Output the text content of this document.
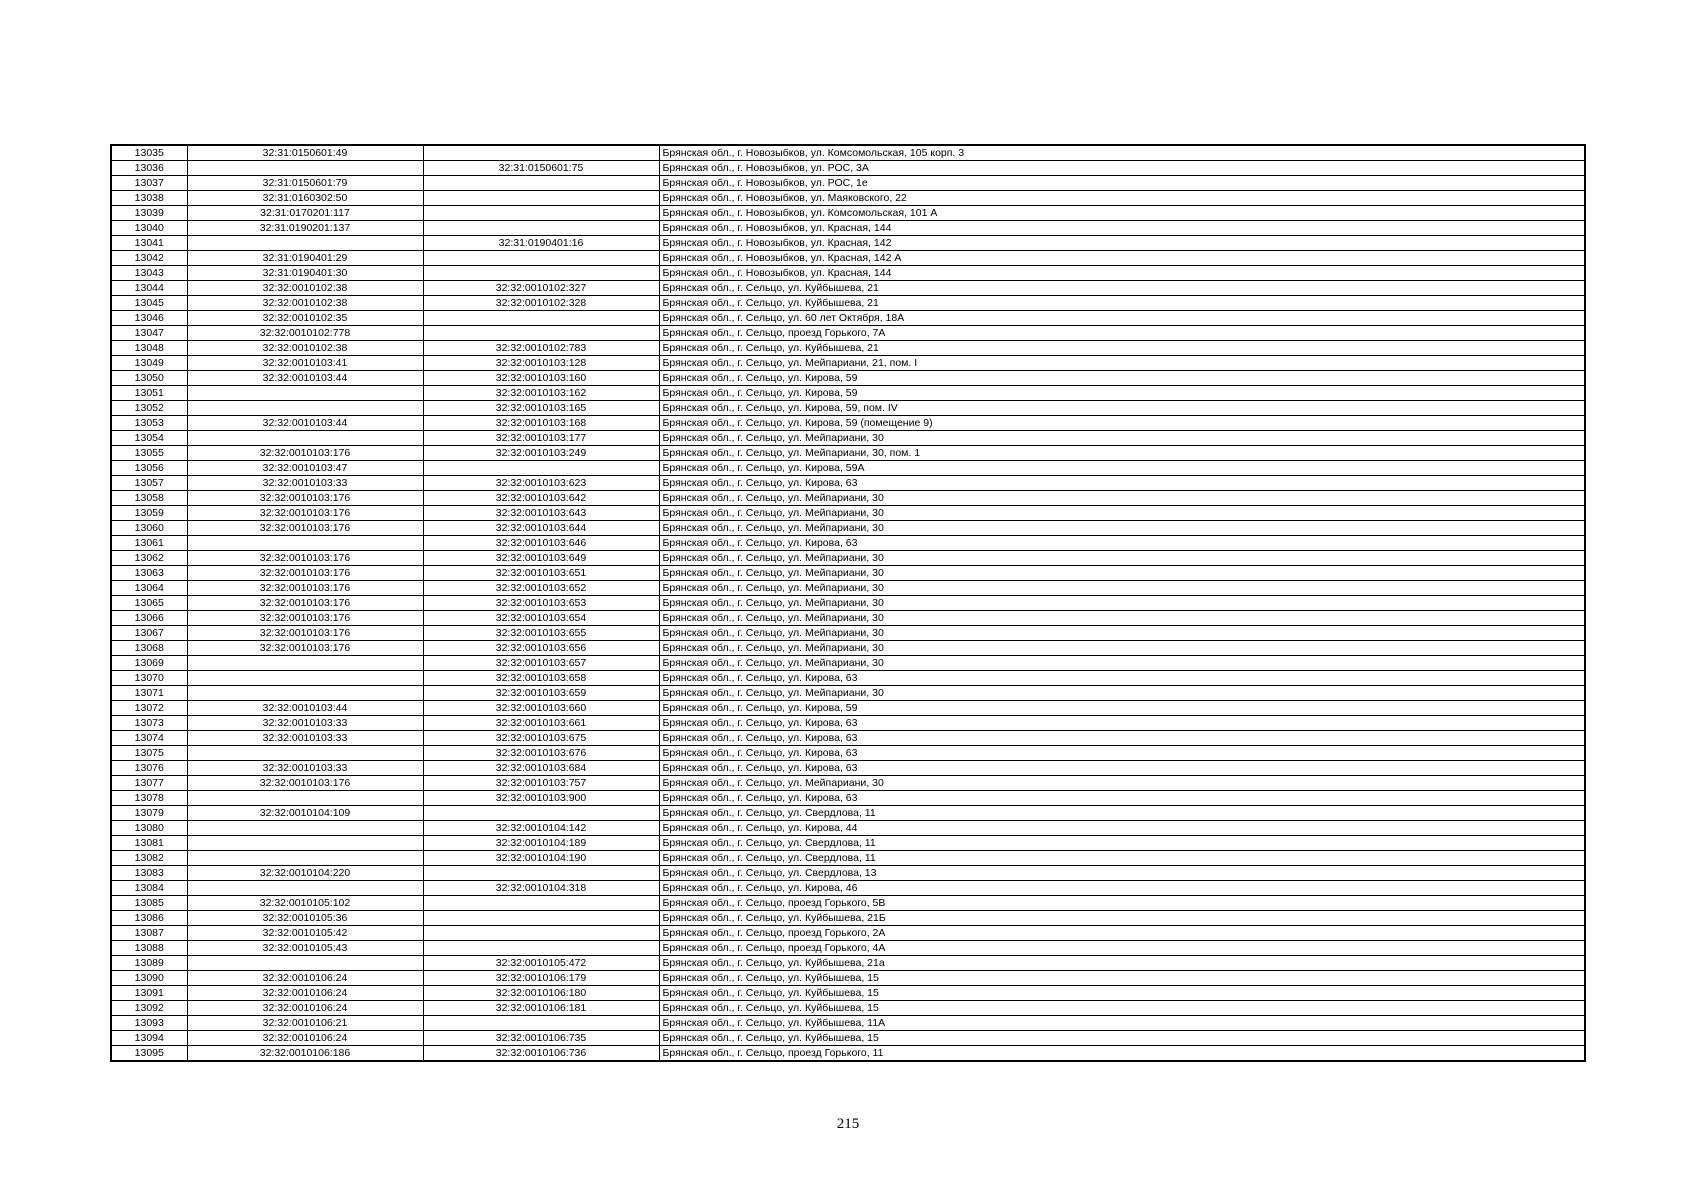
13035	32:31:0150601:49		Брянская обл., г. Новозыбков, ул. Комсомольская, 105 корп. 3
13036		32:31:0150601:75	Брянская обл., г. Новозыбков, ул. РОС, 3А
13037	32:31:0150601:79		Брянская обл., г. Новозыбков, ул. РОС, 1е
13038	32:31:0160302:50		Брянская обл., г. Новозыбков, ул. Маяковского, 22
13039	32:31:0170201:117		Брянская обл., г. Новозыбков, ул. Комсомольская, 101 А
13040	32:31:0190201:137		Брянская обл., г. Новозыбков, ул. Красная, 144
13041		32:31:0190401:16	Брянская обл., г. Новозыбков, ул. Красная, 142
13042	32:31:0190401:29		Брянская обл., г. Новозыбков, ул. Красная, 142 А
13043	32:31:0190401:30		Брянская обл., г. Новозыбков, ул. Красная, 144
13044	32:32:0010102:38	32:32:0010102:327	Брянская обл., г. Сельцо, ул. Куйбышева, 21
13045	32:32:0010102:38	32:32:0010102:328	Брянская обл., г. Сельцо, ул. Куйбышева, 21
13046	32:32:0010102:35		Брянская обл., г. Сельцо, ул. 60 лет Октября, 18А
13047	32:32:0010102:778		Брянская обл., г. Сельцо, проезд Горького, 7А
13048	32:32:0010102:38	32:32:0010102:783	Брянская обл., г. Сельцо, ул. Куйбышева, 21
13049	32:32:0010103:41	32:32:0010103:128	Брянская обл., г. Сельцо, ул. Мейпариани, 21, пом. I
13050	32:32:0010103:44	32:32:0010103:160	Брянская обл., г. Сельцо, ул. Кирова, 59
13051		32:32:0010103:162	Брянская обл., г. Сельцо, ул. Кирова, 59
13052		32:32:0010103:165	Брянская обл., г. Сельцо, ул. Кирова, 59, пом. IV
13053	32:32:0010103:44	32:32:0010103:168	Брянская обл., г. Сельцо, ул. Кирова, 59 (помещение 9)
13054		32:32:0010103:177	Брянская обл., г. Сельцо, ул. Мейпариани, 30
13055	32:32:0010103:176	32:32:0010103:249	Брянская обл., г. Сельцо, ул. Мейпариани, 30, пом. 1
13056	32:32:0010103:47		Брянская обл., г. Сельцо, ул. Кирова, 59А
13057	32:32:0010103:33	32:32:0010103:623	Брянская обл., г. Сельцо, ул. Кирова, 63
13058	32:32:0010103:176	32:32:0010103:642	Брянская обл., г. Сельцо, ул. Мейпариани, 30
13059	32:32:0010103:176	32:32:0010103:643	Брянская обл., г. Сельцо, ул. Мейпариани, 30
13060	32:32:0010103:176	32:32:0010103:644	Брянская обл., г. Сельцо, ул. Мейпариани, 30
13061		32:32:0010103:646	Брянская обл., г. Сельцо, ул. Кирова, 63
13062	32:32:0010103:176	32:32:0010103:649	Брянская обл., г. Сельцо, ул. Мейпариани, 30
13063	32:32:0010103:176	32:32:0010103:651	Брянская обл., г. Сельцо, ул. Мейпариани, 30
13064	32:32:0010103:176	32:32:0010103:652	Брянская обл., г. Сельцо, ул. Мейпариани, 30
13065	32:32:0010103:176	32:32:0010103:653	Брянская обл., г. Сельцо, ул. Мейпариани, 30
13066	32:32:0010103:176	32:32:0010103:654	Брянская обл., г. Сельцо, ул. Мейпариани, 30
13067	32:32:0010103:176	32:32:0010103:655	Брянская обл., г. Сельцо, ул. Мейпариани, 30
13068	32:32:0010103:176	32:32:0010103:656	Брянская обл., г. Сельцо, ул. Мейпариани, 30
13069		32:32:0010103:657	Брянская обл., г. Сельцо, ул. Мейпариани, 30
13070		32:32:0010103:658	Брянская обл., г. Сельцо, ул. Кирова, 63
13071		32:32:0010103:659	Брянская обл., г. Сельцо, ул. Мейпариани, 30
13072	32:32:0010103:44	32:32:0010103:660	Брянская обл., г. Сельцо, ул. Кирова, 59
13073	32:32:0010103:33	32:32:0010103:661	Брянская обл., г. Сельцо, ул. Кирова, 63
13074	32:32:0010103:33	32:32:0010103:675	Брянская обл., г. Сельцо, ул. Кирова, 63
13075		32:32:0010103:676	Брянская обл., г. Сельцо, ул. Кирова, 63
13076	32:32:0010103:33	32:32:0010103:684	Брянская обл., г. Сельцо, ул. Кирова, 63
13077	32:32:0010103:176	32:32:0010103:757	Брянская обл., г. Сельцо, ул. Мейпариани, 30
13078		32:32:0010103:900	Брянская обл., г. Сельцо, ул. Кирова, 63
13079	32:32:0010104:109		Брянская обл., г. Сельцо, ул. Свердлова, 11
13080		32:32:0010104:142	Брянская обл., г. Сельцо, ул. Кирова, 44
13081		32:32:0010104:189	Брянская обл., г. Сельцо, ул. Свердлова, 11
13082		32:32:0010104:190	Брянская обл., г. Сельцо, ул. Свердлова, 11
13083	32:32:0010104:220		Брянская обл., г. Сельцо, ул. Свердлова, 13
13084		32:32:0010104:318	Брянская обл., г. Сельцо, ул. Кирова, 46
13085	32:32:0010105:102		Брянская обл., г. Сельцо, проезд Горького, 5В
13086	32:32:0010105:36		Брянская обл., г. Сельцо, ул. Куйбышева, 21Б
13087	32:32:0010105:42		Брянская обл., г. Сельцо, проезд Горького, 2А
13088	32:32:0010105:43		Брянская обл., г. Сельцо, проезд Горького, 4А
13089		32:32:0010105:472	Брянская обл., г. Сельцо, ул. Куйбышева, 21а
13090	32:32:0010106:24	32:32:0010106:179	Брянская обл., г. Сельцо, ул. Куйбышева, 15
13091	32:32:0010106:24	32:32:0010106:180	Брянская обл., г. Сельцо, ул. Куйбышева, 15
13092	32:32:0010106:24	32:32:0010106:181	Брянская обл., г. Сельцо, ул. Куйбышева, 15
13093	32:32:0010106:21		Брянская обл., г. Сельцо, ул. Куйбышева, 11А
13094	32:32:0010106:24	32:32:0010106:735	Брянская обл., г. Сельцо, ул. Куйбышева, 15
13095	32:32:0010106:186	32:32:0010106:736	Брянская обл., г. Сельцо, проезд Горького, 11
215
